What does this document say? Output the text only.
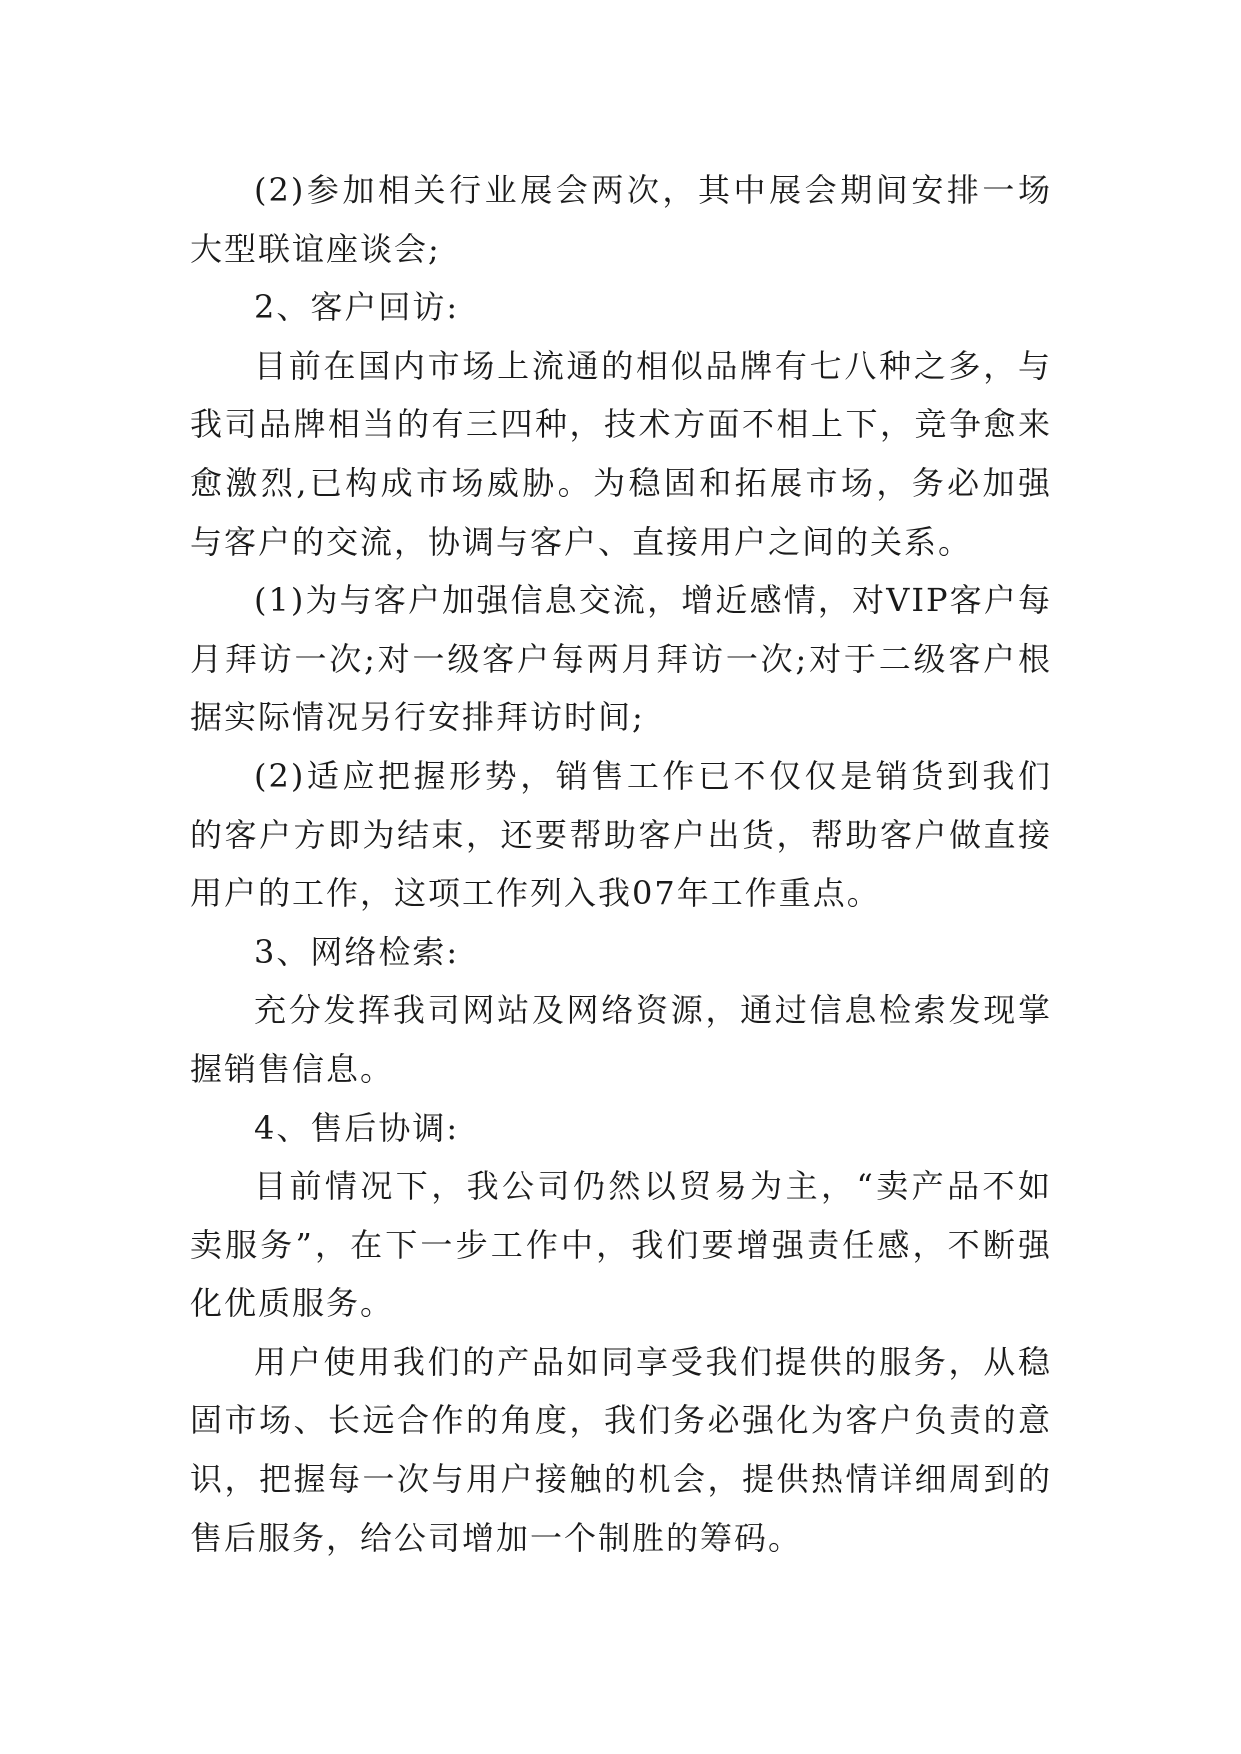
(2)参加相关行业展会两次，其中展会期间安排一场大型联谊座谈会;

2、客户回访:

目前在国内市场上流通的相似品牌有七八种之多，与我司品牌相当的有三四种，技术方面不相上下，竞争愈来愈激烈,已构成市场威胁。为稳固和拓展市场，务必加强与客户的交流，协调与客户、直接用户之间的关系。

(1)为与客户加强信息交流，增近感情，对VIP客户每月拜访一次;对一级客户每两月拜访一次;对于二级客户根据实际情况另行安排拜访时间;

(2)适应把握形势，销售工作已不仅仅是销货到我们的客户方即为结束，还要帮助客户出货，帮助客户做直接用户的工作，这项工作列入我07年工作重点。

3、网络检索:

充分发挥我司网站及网络资源，通过信息检索发现掌握销售信息。

4、售后协调:

目前情况下，我公司仍然以贸易为主，“卖产品不如卖服务”，在下一步工作中，我们要增强责任感，不断强化优质服务。

用户使用我们的产品如同享受我们提供的服务，从稳固市场、长远合作的角度，我们务必强化为客户负责的意识，把握每一次与用户接触的机会，提供热情详细周到的售后服务，给公司增加一个制胜的筹码。
